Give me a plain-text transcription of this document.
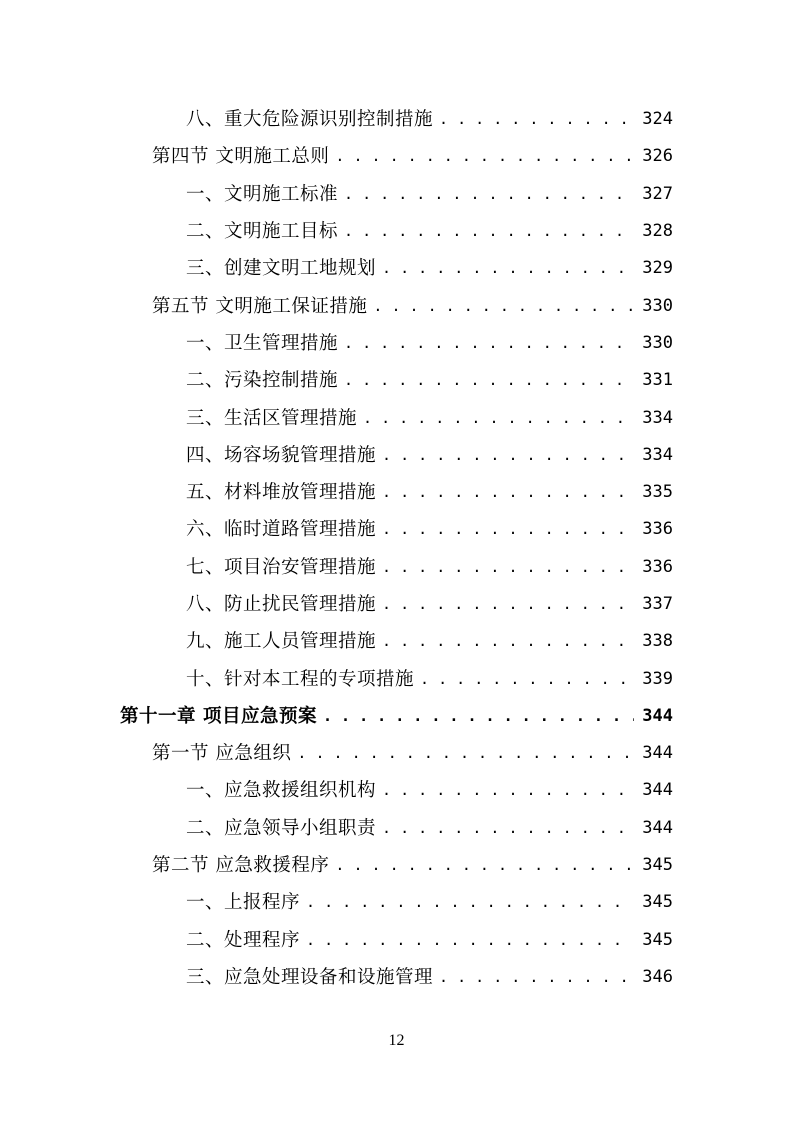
八、重大危险源识别控制措施 . . .	324
第四节 文明施工总则 . . .	326
一、文明施工标准 . . .	327
二、文明施工目标 . . .	328
三、创建文明工地规划 . . .	329
第五节 文明施工保证措施 . . .	330
一、卫生管理措施 . . .	330
二、污染控制措施 . . .	331
三、生活区管理措施 . . .	334
四、场容场貌管理措施 . . .	334
五、材料堆放管理措施 . . .	335
六、临时道路管理措施 . . .	336
七、项目治安管理措施 . . .	336
八、防止扰民管理措施 . . .	337
九、施工人员管理措施 . . .	338
十、针对本工程的专项措施 . . .	339
第十一章 项目应急预案 . . .	344
第一节 应急组织 . . .	344
一、应急救援组织机构 . . .	344
二、应急领导小组职责 . . .	344
第二节 应急救援程序 . . .	345
一、上报程序 . . .	345
二、处理程序 . . .	345
三、应急处理设备和设施管理 . . .	346
12
